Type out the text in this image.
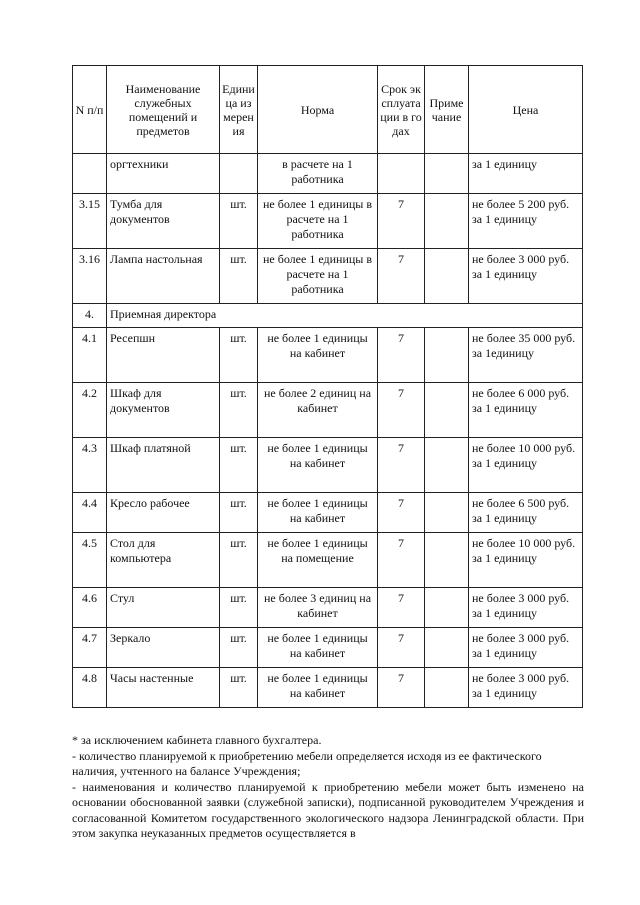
N п/п	Наименование служебных помещений и предметов	Единица измерения	Норма	Срок эксплуатации в годах	Примечание	Цена
	оргтехники		в расчете на 1 работника			за 1 единицу
3.15	Тумба для документов	шт.	не более 1 единицы в расчете на 1 работника	7		не более 5 200 руб. за 1 единицу
3.16	Лампа настольная	шт.	не более 1 единицы в расчете на 1 работника	7		не более 3 000 руб. за 1 единицу
4.	Приемная директора					
4.1	Ресепшн	шт.	не более 1 единицы на кабинет	7		не более 35 000 руб. за 1единицу
4.2	Шкаф для документов	шт.	не более 2 единиц на кабинет	7		не более 6 000 руб. за 1 единицу
4.3	Шкаф платяной	шт.	не более 1 единицы на кабинет	7		не более 10 000 руб. за 1 единицу
4.4	Кресло рабочее	шт.	не более 1 единицы на кабинет	7		не более 6 500 руб. за 1 единицу
4.5	Стол для компьютера	шт.	не более 1 единицы на помещение	7		не более 10 000 руб. за 1 единицу
4.6	Стул	шт.	не более 3 единиц на кабинет	7		не более 3 000 руб. за 1 единицу
4.7	Зеркало	шт.	не более 1 единицы на кабинет	7		не более 3 000 руб. за 1 единицу
4.8	Часы настенные	шт.	не более 1 единицы на кабинет	7		не более 3 000 руб. за 1 единицу

* за исключением кабинета главного бухгалтера.

- количество планируемой к приобретению мебели определяется исходя из ее фактического наличия, учтенного на балансе Учреждения;

- наименования и количество планируемой к приобретению мебели может быть изменено на основании обоснованной заявки (служебной записки), подписанной руководителем Учреждения и согласованной Комитетом государственного экологического надзора Ленинградской области. При этом закупка неуказанных предметов осуществляется в
